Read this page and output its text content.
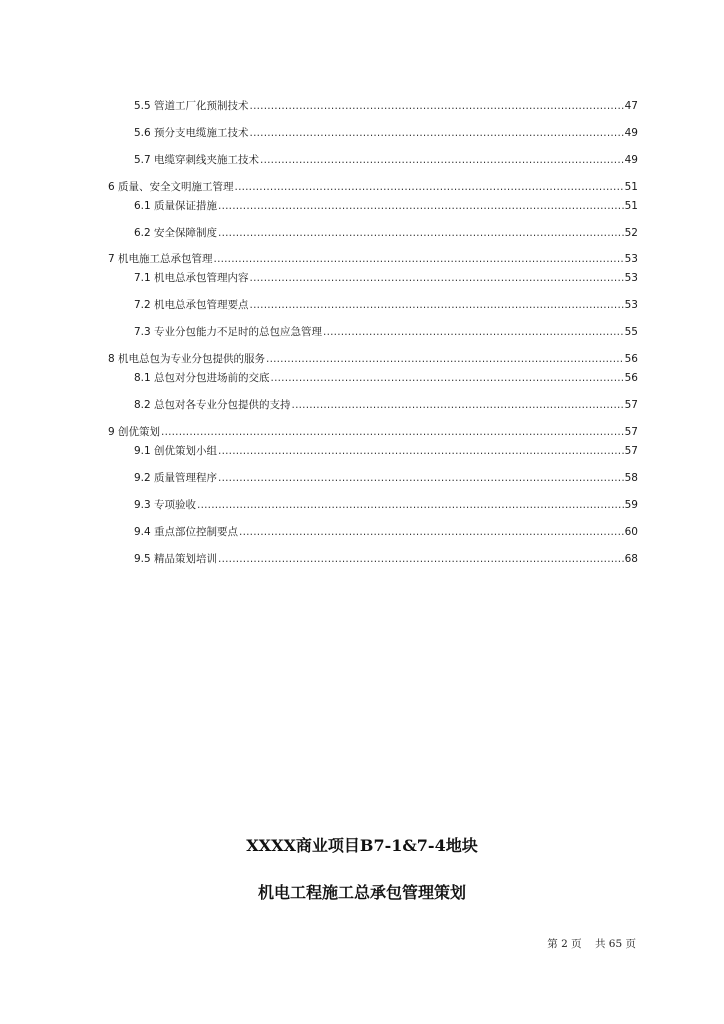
5.5 管道工厂化预制技术 .....	47
5.6 预分支电缆施工技术 .....	49
5.7 电缆穿刺线夹施工技术 .....	49
6 质量、安全文明施工管理 .....	51
6.1 质量保证措施 .....	51
6.2 安全保障制度 .....	52
7 机电施工总承包管理 .....	53
7.1 机电总承包管理内容 .....	53
7.2 机电总承包管理要点 .....	53
7.3 专业分包能力不足时的总包应急管理 .....	55
8 机电总包为专业分包提供的服务 .....	56
8.1 总包对分包进场前的交底 .....	56
8.2 总包对各专业分包提供的支持 .....	57
9 创优策划 .....	57
9.1 创优策划小组 .....	57
9.2 质量管理程序 .....	58
9.3 专项验收 .....	59
9.4 重点部位控制要点 .....	60
9.5 精品策划培训 .....	68
XXXX商业项目B7-1&7-4地块
机电工程施工总承包管理策划
第 2 页    共 65 页
